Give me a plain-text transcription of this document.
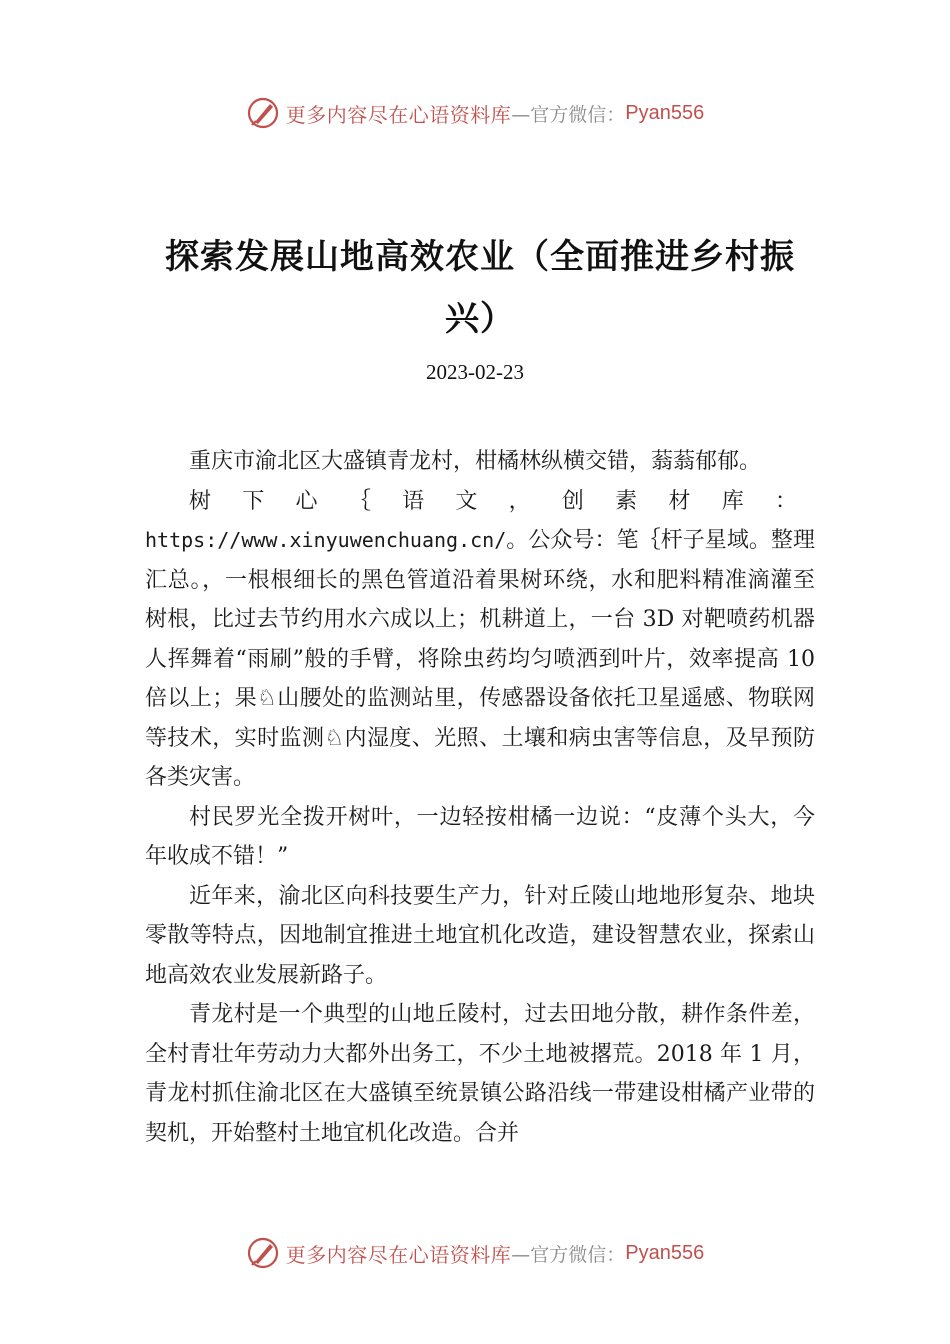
更多内容尽在心语资料库 —官方微信： Pyan556
探索发展山地高效农业（全面推进乡村振兴）
2023-02-23

重庆市渝北区大盛镇青龙村，柑橘林纵横交错，蓊蓊郁郁。

树下心｛语文，创素材库：https://www.xinyuwenchuang.cn/。公众号：笔｛杆子星域。整理汇总。，一根根细长的黑色管道沿着果树环绕，水和肥料精准滴灌至树根，比过去节约用水六成以上；机耕道上，一台 3D 对靶喷药机器人挥舞着“雨刷”般的手臂，将除虫药均匀喷洒到叶片，效率提高 10 倍以上；果♘山腰处的监测站里，传感器设备依托卫星遥感、物联网等技术，实时监测♘内湿度、光照、土壤和病虫害等信息，及早预防各类灾害。

村民罗光全拨开树叶，一边轻按柑橘一边说：“皮薄个头大，今年收成不错！”

近年来，渝北区向科技要生产力，针对丘陵山地地形复杂、地块零散等特点，因地制宜推进土地宜机化改造，建设智慧农业，探索山地高效农业发展新路子。

青龙村是一个典型的山地丘陵村，过去田地分散，耕作条件差，全村青壮年劳动力大都外出务工，不少土地被撂荒。2018 年 1 月，青龙村抓住渝北区在大盛镇至统景镇公路沿线一带建设柑橘产业带的契机，开始整村土地宜机化改造。合并

更多内容尽在心语资料库 —官方微信： Pyan556
